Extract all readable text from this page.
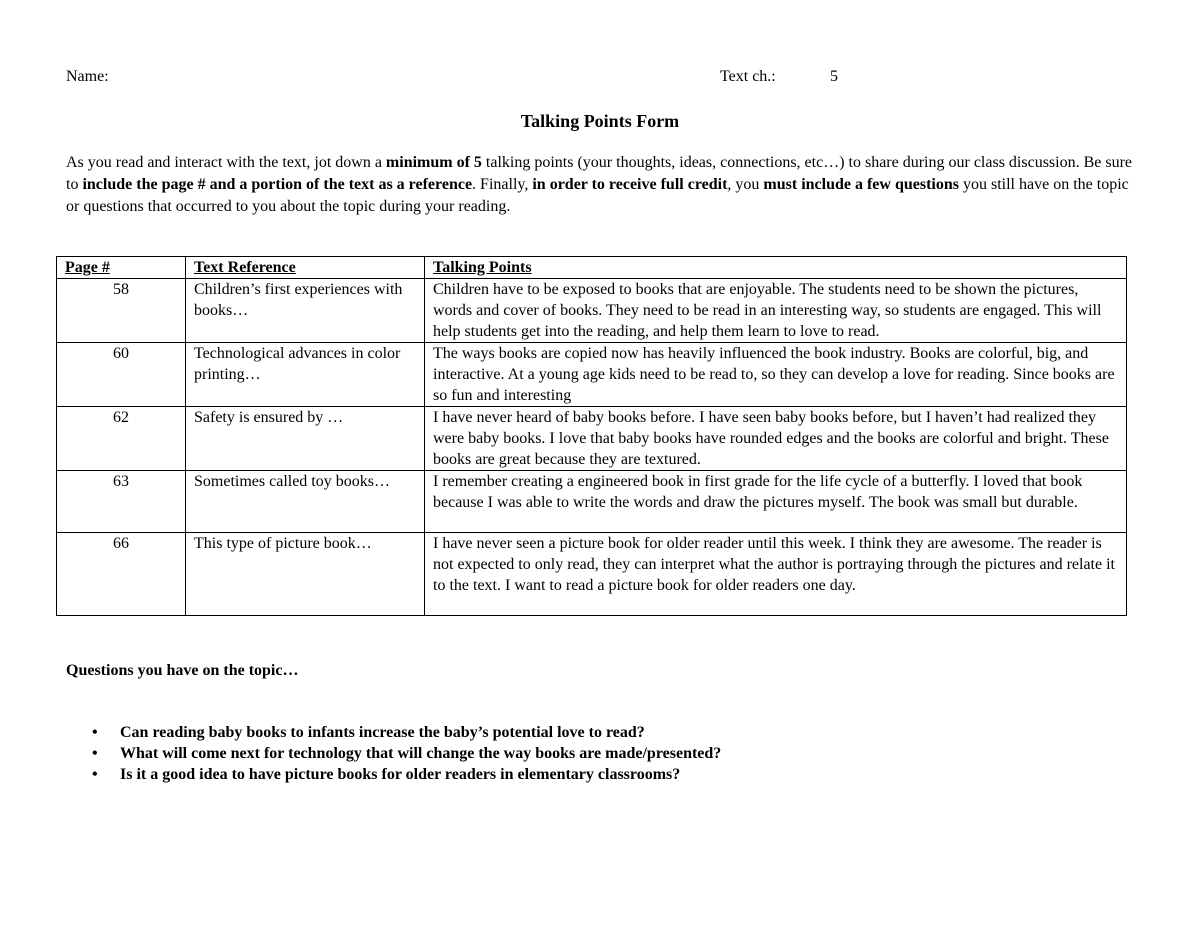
Name:	Text ch.:	5
Talking Points Form
As you read and interact with the text, jot down a minimum of 5 talking points (your thoughts, ideas, connections, etc…) to share during our class discussion. Be sure to include the page # and a portion of the text as a reference. Finally, in order to receive full credit, you must include a few questions you still have on the topic or questions that occurred to you about the topic during your reading.
Page #	Text Reference	Talking Points
58	Children’s first experiences with books…	Children have to be exposed to books that are enjoyable. The students need to be shown the pictures, words and cover of books. They need to be read in an interesting way, so students are engaged. This will help students get into the reading, and help them learn to love to read.
60	Technological advances in color printing…	The ways books are copied now has heavily influenced the book industry. Books are colorful, big, and interactive. At a young age kids need to be read to, so they can develop a love for reading. Since books are so fun and interesting
62	Safety is ensured by …	I have never heard of baby books before. I have seen baby books before, but I haven’t had realized they were baby books. I love that baby books have rounded edges and the books are colorful and bright. These books are great because they are textured.
63	Sometimes called toy books…	I remember creating a engineered book in first grade for the life cycle of a butterfly. I loved that book because I was able to write the words and draw the pictures myself. The book was small but durable.
66	This type of picture book…	I have never seen a picture book for older reader until this week. I think they are awesome. The reader is not expected to only read, they can interpret what the author is portraying through the pictures and relate it to the text. I want to read a picture book for older readers one day.
Questions you have on the topic…
• Can reading baby books to infants increase the baby’s potential love to read?
• What will come next for technology that will change the way books are made/presented?
• Is it a good idea to have picture books for older readers in elementary classrooms?
